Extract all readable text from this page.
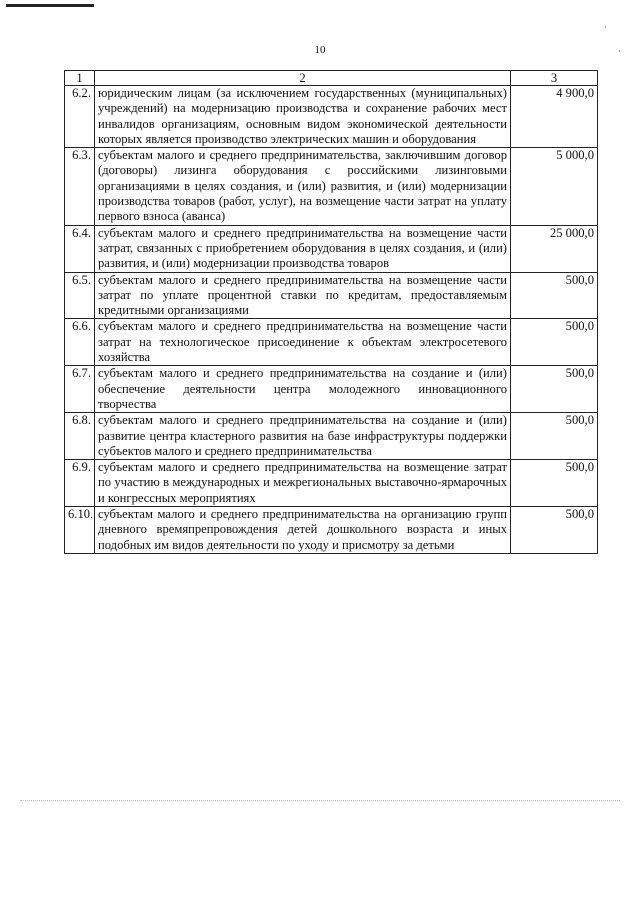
·
·
10
1	2	3
6.2.	юридическим лицам (за исключением государственных (муниципальных) учреждений) на модернизацию производства и сохранение рабочих мест инвалидов организациям, основным видом экономической деятельности которых является производство электрических машин и оборудования	4 900,0
6.3.	субъектам малого и среднего предпринимательства, заключившим договор (договоры) лизинга оборудования с российскими лизинговыми организациями в целях создания, и (или) развития, и (или) модернизации производства товаров (работ, услуг), на возмещение части затрат на уплату первого взноса (аванса)	5 000,0
6.4.	субъектам малого и среднего предпринимательства на возмещение части затрат, связанных с приобретением оборудования в целях создания, и (или) развития, и (или) модернизации производства товаров	25 000,0
6.5.	субъектам малого и среднего предпринимательства на возмещение части затрат по уплате процентной ставки по кредитам, предоставляемым кредитными организациями	500,0
6.6.	субъектам малого и среднего предпринимательства на возмещение части затрат на технологическое присоединение к объектам электросетевого хозяйства	500,0
6.7.	субъектам малого и среднего предпринимательства на создание и (или) обеспечение деятельности центра молодежного инновационного творчества	500,0
6.8.	субъектам малого и среднего предпринимательства на создание и (или) развитие центра кластерного развития на базе инфраструктуры поддержки субъектов малого и среднего предпринимательства	500,0
6.9.	субъектам малого и среднего предпринимательства на возмещение затрат по участию в международных и межрегиональных выставочно-ярмарочных и конгрессных мероприятиях	500,0
6.10.	субъектам малого и среднего предпринимательства на организацию групп дневного времяпрепровождения детей дошкольного возраста и иных подобных им видов деятельности по уходу и присмотру за детьми	500,0
